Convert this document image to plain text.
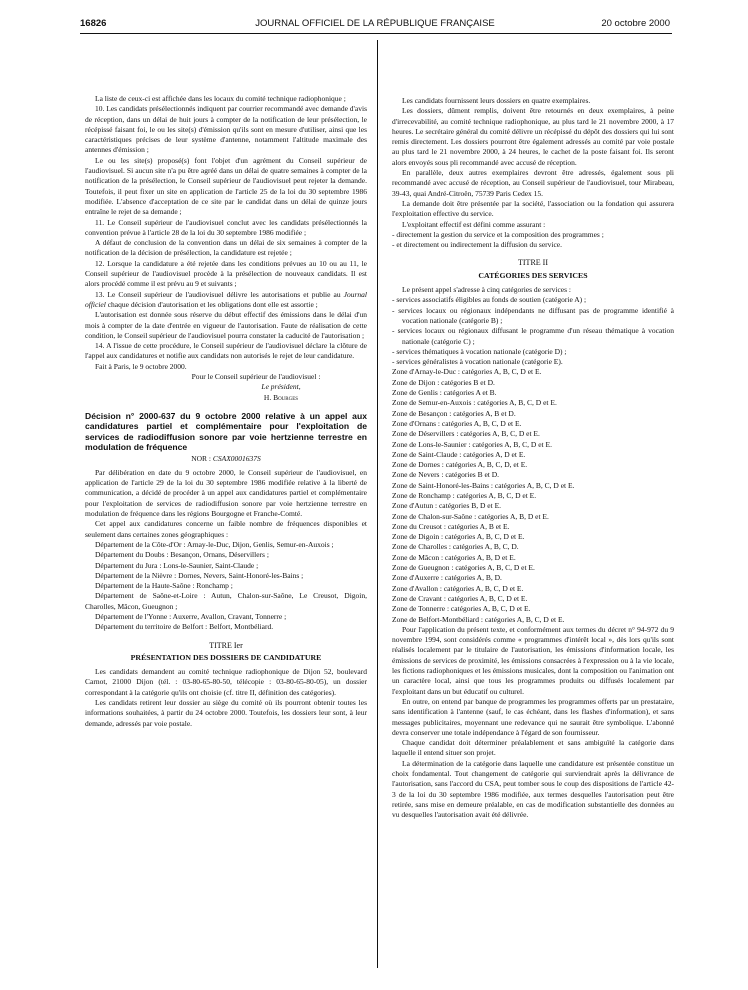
16826	JOURNAL OFFICIEL DE LA RÉPUBLIQUE FRANÇAISE	20 octobre 2000

La liste de ceux-ci est affichée dans les locaux du comité technique radiophonique ;

10. Les candidats présélectionnés indiquent par courrier recommandé avec demande d'avis de réception, dans un délai de huit jours à compter de la notification de leur présélection, le récépissé faisant foi, le ou les site(s) d'émission qu'ils sont en mesure d'utiliser, ainsi que les caractéristiques précises de leur système d'antenne, notamment l'altitude maximale des antennes d'émission ;

Le ou les site(s) proposé(s) font l'objet d'un agrément du Conseil supérieur de l'audiovisuel. Si aucun site n'a pu être agréé dans un délai de quatre semaines à compter de la notification de la présélection, le Conseil supérieur de l'audiovisuel peut rejeter la demande. Toutefois, il peut fixer un site en application de l'article 25 de la loi du 30 septembre 1986 modifiée. L'absence d'acceptation de ce site par le candidat dans un délai de quinze jours entraîne le rejet de sa demande ;

11. Le Conseil supérieur de l'audiovisuel conclut avec les candidats présélectionnés la convention prévue à l'article 28 de la loi du 30 septembre 1986 modifiée ;

A défaut de conclusion de la convention dans un délai de six semaines à compter de la notification de la décision de présélection, la candidature est rejetée ;

12. Lorsque la candidature a été rejetée dans les conditions prévues au 10 ou au 11, le Conseil supérieur de l'audiovisuel procède à la présélection de nouveaux candidats. Il est alors procédé comme il est prévu au 9 et suivants ;

13. Le Conseil supérieur de l'audiovisuel délivre les autorisations et publie au Journal officiel chaque décision d'autorisation et les obligations dont elle est assortie ;

L'autorisation est donnée sous réserve du début effectif des émissions dans le délai d'un mois à compter de la date d'entrée en vigueur de l'autorisation. Faute de réalisation de cette condition, le Conseil supérieur de l'audiovisuel pourra constater la caducité de l'autorisation ;

14. A l'issue de cette procédure, le Conseil supérieur de l'audiovisuel déclare la clôture de l'appel aux candidatures et notifie aux candidats non autorisés le rejet de leur candidature.

Fait à Paris, le 9 octobre 2000.

Pour le Conseil supérieur de l'audiovisuel :

Le président,

H. Bourges

Décision n° 2000-637 du 9 octobre 2000 relative à un appel aux candidatures partiel et complémentaire pour l'exploitation de services de radiodiffusion sonore par voie hertzienne terrestre en modulation de fréquence

NOR : CSAX0001637S

Par délibération en date du 9 octobre 2000, le Conseil supérieur de l'audiovisuel, en application de l'article 29 de la loi du 30 septembre 1986 modifiée relative à la liberté de communication, a décidé de procéder à un appel aux candidatures partiel et complémentaire pour l'exploitation de services de radiodiffusion sonore par voie hertzienne terrestre en modulation de fréquence dans les régions Bourgogne et Franche-Comté.

Cet appel aux candidatures concerne un faible nombre de fréquences disponibles et seulement dans certaines zones géographiques :

Département de la Côte-d'Or : Arnay-le-Duc, Dijon, Genlis, Semur-en-Auxois ;

Département du Doubs : Besançon, Ornans, Déservillers ;

Département du Jura : Lons-le-Saunier, Saint-Claude ;

Département de la Nièvre : Dornes, Nevers, Saint-Honoré-les-Bains ;

Département de la Haute-Saône : Ronchamp ;

Département de Saône-et-Loire : Autun, Chalon-sur-Saône, Le Creusot, Digoin, Charolles, Mâcon, Gueugnon ;

Département de l'Yonne : Auxerre, Avallon, Cravant, Tonnerre ;

Département du territoire de Belfort : Belfort, Montbéliard.

TITRE Ier

PRÉSENTATION DES DOSSIERS DE CANDIDATURE

Les candidats demandent au comité technique radiophonique de Dijon 52, boulevard Carnot, 21000 Dijon (tél. : 03-80-65-80-50, télécopie : 03-80-65-80-05), un dossier correspondant à la catégorie qu'ils ont choisie (cf. titre II, définition des catégories).

Les candidats retirent leur dossier au siège du comité où ils pourront obtenir toutes les informations souhaitées, à partir du 24 octobre 2000. Toutefois, les dossiers leur sont, à leur demande, adressés par voie postale.

Les candidats fournissent leurs dossiers en quatre exemplaires.

Les dossiers, dûment remplis, doivent être retournés en deux exemplaires, à peine d'irrecevabilité, au comité technique radiophonique, au plus tard le 21 novembre 2000, à 17 heures. Le secrétaire général du comité délivre un récépissé du dépôt des dossiers qui lui sont remis directement. Les dossiers pourront être également adressés au comité par voie postale au plus tard le 21 novembre 2000, à 24 heures, le cachet de la poste faisant foi. Ils seront alors envoyés sous pli recommandé avec accusé de réception.

En parallèle, deux autres exemplaires devront être adressés, également sous pli recommandé avec accusé de réception, au Conseil supérieur de l'audiovisuel, tour Mirabeau, 39-43, quai André-Citroën, 75739 Paris Cedex 15.

La demande doit être présentée par la société, l'association ou la fondation qui assurera l'exploitation effective du service.

L'exploitant effectif est défini comme assurant :

- directement la gestion du service et la composition des programmes ;

- et directement ou indirectement la diffusion du service.

TITRE II

CATÉGORIES DES SERVICES

Le présent appel s'adresse à cinq catégories de services :

- services associatifs éligibles au fonds de soutien (catégorie A) ;

- services locaux ou régionaux indépendants ne diffusant pas de programme identifié à vocation nationale (catégorie B) ;

- services locaux ou régionaux diffusant le programme d'un réseau thématique à vocation nationale (catégorie C) ;

- services thématiques à vocation nationale (catégorie D) ;

- services généralistes à vocation nationale (catégorie E).

Zone d'Arnay-le-Duc : catégories A, B, C, D et E.

Zone de Dijon : catégories B et D.

Zone de Genlis : catégories A et B.

Zone de Semur-en-Auxois : catégories A, B, C, D et E.

Zone de Besançon : catégories A, B et D.

Zone d'Ornans : catégories A, B, C, D et E.

Zone de Déservillers : catégories A, B, C, D et E.

Zone de Lons-le-Saunier : catégories A, B, C, D et E.

Zone de Saint-Claude : catégories A, D et E.

Zone de Dornes : catégories A, B, C, D, et E.

Zone de Nevers : catégories B et D.

Zone de Saint-Honoré-les-Bains : catégories A, B, C, D et E.

Zone de Ronchamp : catégories A, B, C, D et E.

Zone d'Autun : catégories B, D et E.

Zone de Chalon-sur-Saône : catégories A, B, D et E.

Zone du Creusot : catégories A, B et E.

Zone de Digoin : catégories A, B, C, D et E.

Zone de Charolles : catégories A, B, C, D.

Zone de Mâcon : catégories A, B, D et E.

Zone de Gueugnon : catégories A, B, C, D et E.

Zone d'Auxerre : catégories A, B, D.

Zone d'Avallon : catégories A, B, C, D et E.

Zone de Cravant : catégories A, B, C, D et E.

Zone de Tonnerre : catégories A, B, C, D et E.

Zone de Belfort-Montbéliard : catégories A, B, C, D et E.

Pour l'application du présent texte, et conformément aux termes du décret n° 94-972 du 9 novembre 1994, sont considérés comme « programmes d'intérêt local », dès lors qu'ils sont réalisés localement par le titulaire de l'autorisation, les émissions d'information locale, les émissions de services de proximité, les émissions consacrées à l'expression ou à la vie locale, les fictions radiophoniques et les émissions musicales, dont la composition ou l'animation ont un caractère local, ainsi que tous les programmes produits ou diffusés localement par l'exploitant dans un but éducatif ou culturel.

En outre, on entend par banque de programmes les programmes offerts par un prestataire, sans identification à l'antenne (sauf, le cas échéant, dans les flashes d'information), et sans messages publicitaires, moyennant une redevance qui ne saurait être symbolique. L'abonné devra conserver une totale indépendance à l'égard de son fournisseur.

Chaque candidat doit déterminer préalablement et sans ambiguïté la catégorie dans laquelle il entend situer son projet.

La détermination de la catégorie dans laquelle une candidature est présentée constitue un choix fondamental. Tout changement de catégorie qui surviendrait après la délivrance de l'autorisation, sans l'accord du CSA, peut tomber sous le coup des dispositions de l'article 42-3 de la loi du 30 septembre 1986 modifiée, aux termes desquelles l'autorisation peut être retirée, sans mise en demeure préalable, en cas de modification substantielle des données au vu desquelles l'autorisation avait été délivrée.
